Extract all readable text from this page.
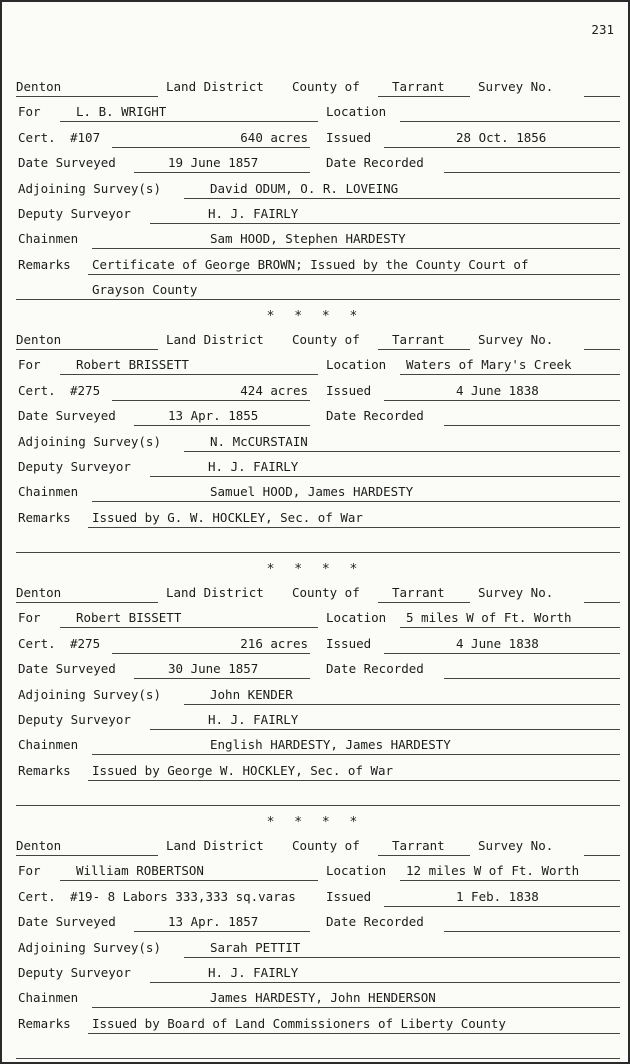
231
Denton	Land District County of	Tarrant	Survey No.
For	L. B. WRIGHT	Location
Cert. #107	640 acres Issued	28 Oct. 1856
Date Surveyed	19 June 1857	Date Recorded
Adjoining Survey(s)	David ODUM, O. R. LOVEING
Deputy Surveyor	H. J. FAIRLY
Chainmen	Sam HOOD, Stephen HARDESTY
Remarks Certificate of George BROWN; Issued by the County Court of
Grayson County
Denton	Land District County of	Tarrant	Survey No.
For	Robert BRISSETT	Location Waters of Mary's Creek
Cert. #275	424 acres Issued	4 June 1838
Date Surveyed	13 Apr. 1855	Date Recorded
Adjoining Survey(s)	N. McCURSTAIN
Deputy Surveyor	H. J. FAIRLY
Chainmen	Samuel HOOD, James HARDESTY
Remarks Issued by G. W. HOCKLEY, Sec. of War
Denton	Land District County of	Tarrant	Survey No.
For	Robert BISSETT	Location 5 miles W of Ft. Worth
Cert. #275	216 acres Issued	4 June 1838
Date Surveyed	30 June 1857	Date Recorded
Adjoining Survey(s)	John KENDER
Deputy Surveyor	H. J. FAIRLY
Chainmen	English HARDESTY, James HARDESTY
Remarks Issued by George W. HOCKLEY, Sec. of War
Denton	Land District County of	Tarrant	Survey No.
For	William ROBERTSON	Location 12 miles W of Ft. Worth
Cert. #19- 8 Labors 333,333 sq.varas Issued	1 Feb. 1838
Date Surveyed	13 Apr. 1857	Date Recorded
Adjoining Survey(s)	Sarah PETTIT
Deputy Surveyor	H. J. FAIRLY
Chainmen	James HARDESTY, John HENDERSON
Remarks Issued by Board of Land Commissioners of Liberty County
* * * *
* * * *
* * * *
